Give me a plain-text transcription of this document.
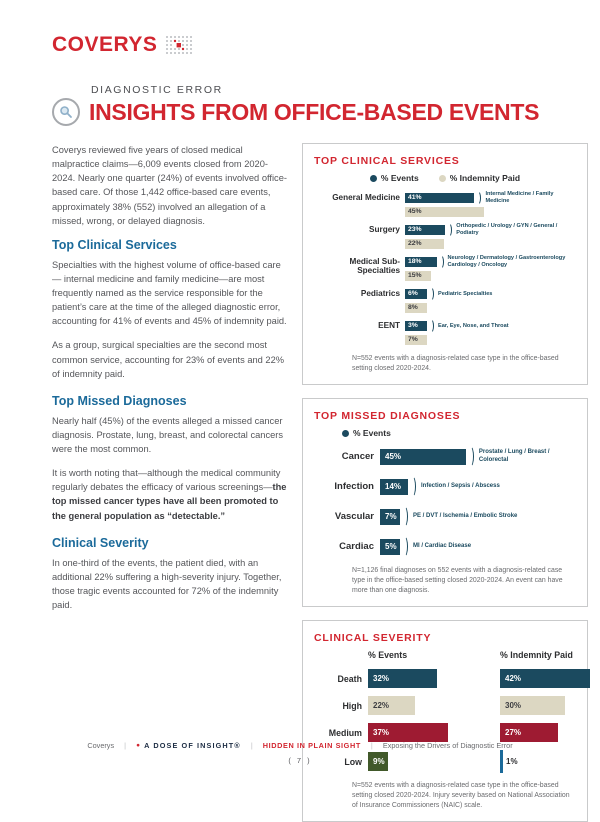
COVERYS
DIAGNOSTIC ERROR
INSIGHTS FROM OFFICE-BASED EVENTS

Coverys reviewed five years of closed medical malpractice claims—6,009 events closed from 2020-2024. Nearly one quarter (24%) of events involved office-based care. Of those 1,442 office-based care events, approximately 38% (552) involved an allegation of a missed, wrong, or delayed diagnosis.

Top Clinical Services

Specialties with the highest volume of office-based care— internal medicine and family medicine—are most frequently named as the service responsible for the patient’s care at the time of the alleged diagnostic error, accounting for 41% of events and 45% of indemnity paid.

As a group, surgical specialties are the second most common service, accounting for 23% of events and 22% of indemnity paid.

Top Missed Diagnoses

Nearly half (45%) of the events alleged a missed cancer diagnosis. Prostate, lung, breast, and colorectal cancers were the most common.

It is worth noting that—although the medical community regularly debates the efficacy of various screenings—the top missed cancer types have all been promoted to the general population as “detectable.”

Clinical Severity

In one-third of the events, the patient died, with an additional 22% suffering a high-severity injury. Together, those tragic events accounted for 72% of the indemnity paid.

TOP CLINICAL SERVICES
% Events	% Indemnity Paid
General Medicine	41%	Internal Medicine / Family Medicine
45%
Surgery	23%	Orthopedic / Urology / GYN / General / Podiatry
22%
Medical Sub-Specialties
18%	Neurology / Dermatology / Gastroenterology Cardiology / Oncology
15%
Pediatrics	6%	Pediatric Specialties
8%
EENT	3%	Ear, Eye, Nose, and Throat
7%
N=552 events with a diagnosis-related case type in the office-based setting closed 2020-2024.
TOP MISSED DIAGNOSES
% Events
Cancer	45%	Prostate / Lung / Breast / Colorectal
Infection	14%	Infection / Sepsis / Abscess
Vascular	7%	PE / DVT / Ischemia / Embolic Stroke
Cardiac	5%	MI / Cardiac Disease
N=1,126 final diagnoses on 552 events with a diagnosis-related case type in the office-based setting closed 2020-2024. An event can have more than one diagnosis.
CLINICAL SEVERITY
% Events	% Indemnity Paid
Death	32%	42%
High	22%	30%
Medium	37%	27%
Low	9%	1%
N=552 events with a diagnosis-related case type in the office-based setting closed 2020-2024. Injury severity based on National Association of Insurance Commissioners (NAIC) scale.
Coverys | ● A DOSE OF INSIGHT® | HIDDEN IN PLAIN SIGHT | Exposing the Drivers of Diagnostic Error
( 7 )
